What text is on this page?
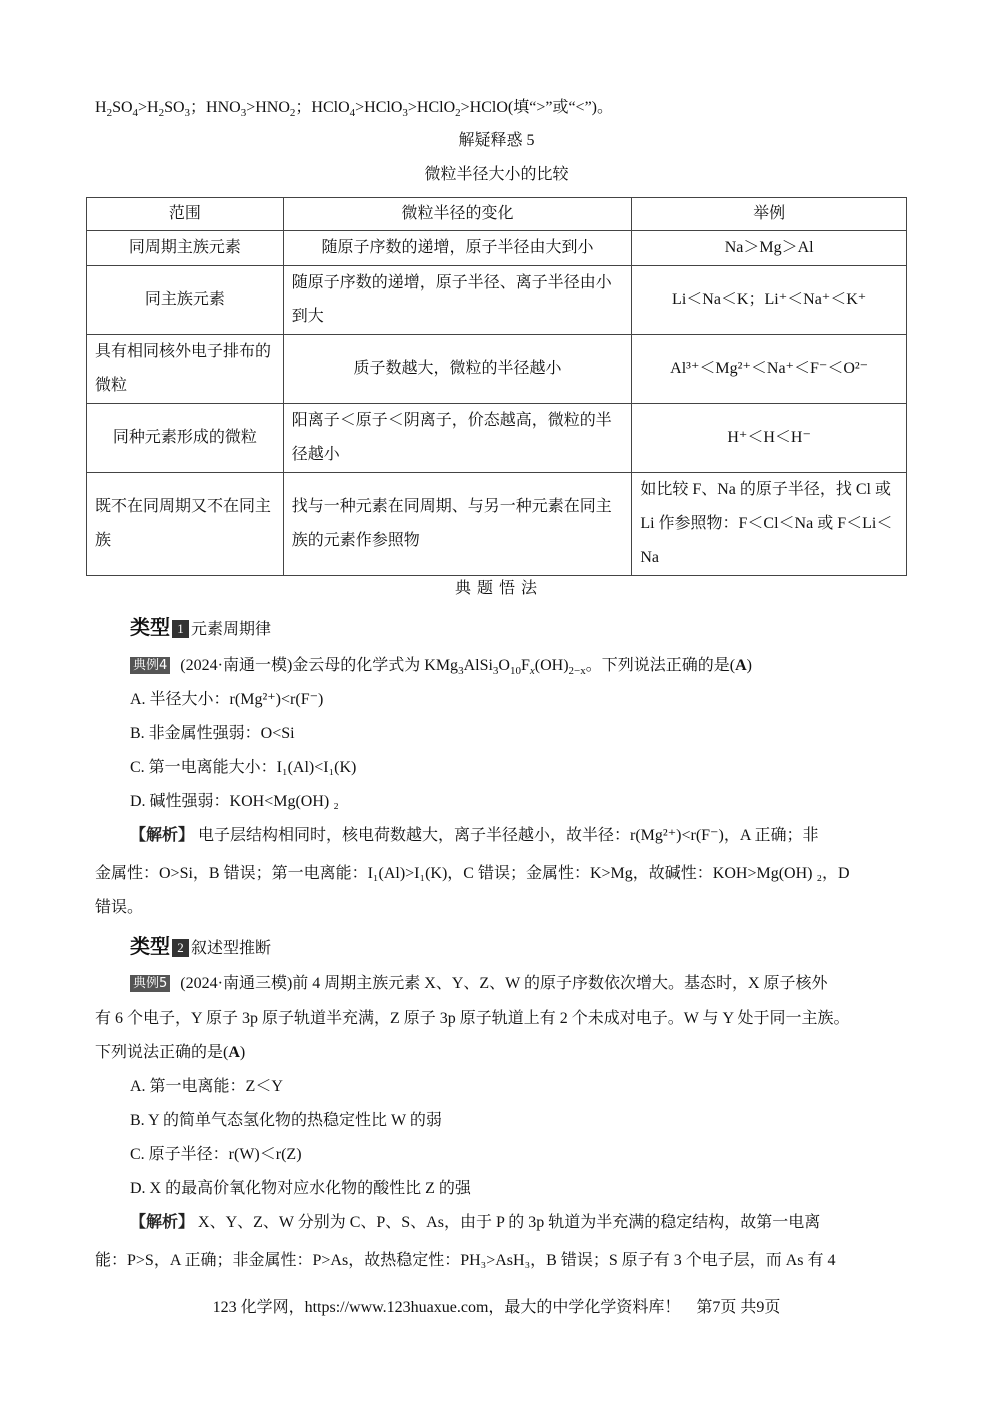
$H_2SO_4>H_2SO_3$；$HNO_3>HNO_2$；HClO$_4$>HClO$_3$>HClO$_2$>HClO(填“>”或“<”)。
解疑释惑 5
微粒半径大小的比较
范围	微粒半径的变化	举例
同周期主族元素	随原子序数的递增，原子半径由大到小	Na＞Mg＞Al
同主族元素	随原子序数的递增，原子半径、离子半径由小到大	Li＜Na＜K；Li⁺＜Na⁺＜K⁺
具有相同核外电子排布的微粒	质子数越大，微粒的半径越小	Al³⁺＜Mg²⁺＜Na⁺＜F⁻＜O²⁻
同种元素形成的微粒	阳离子＜原子＜阴离子，价态越高，微粒的半径越小	H⁺＜H＜H⁻
既不在同周期又不在同主族	找与一种元素在同周期、与另一种元素在同主族的元素作参照物	如比较 F、Na 的原子半径，找 Cl 或 Li 作参照物：F＜Cl＜Na 或 F＜Li＜Na
典 题 悟 法
类型 1 元素周期律
典例4 (2024·南通一模)金云母的化学式为 $KMg_3AlSi_3O_{10}F_x(OH)_{2-x}$。下列说法正确的是(A)
A. 半径大小：r(Mg²⁺)<r(F⁻)
B. 非金属性强弱：O<Si
C. 第一电离能大小：I₁(Al)<I₁(K)
D. 碱性强弱：KOH<Mg(OH) ₂
【解析】 电子层结构相同时，核电荷数越大，离子半径越小，故半径：r(Mg²⁺)<r(F⁻)，A 正确；非
金属性：O>Si，B 错误；第一电离能：I₁(Al)>I₁(K)，C 错误；金属性：K>Mg，故碱性：KOH>Mg(OH) ₂，D
错误。
类型 2 叙述型推断
典例5 (2024·南通三模)前 4 周期主族元素 X、Y、Z、W 的原子序数依次增大。基态时，X 原子核外
有 6 个电子，Y 原子 3p 原子轨道半充满，Z 原子 3p 原子轨道上有 2 个未成对电子。W 与 Y 处于同一主族。
下列说法正确的是(A)
A. 第一电离能：Z＜Y
B. Y 的简单气态氢化物的热稳定性比 W 的弱
C. 原子半径：r(W)＜r(Z)
D. X 的最高价氧化物对应水化物的酸性比 Z 的强
【解析】 X、Y、Z、W 分别为 C、P、S、As，由于 P 的 3p 轨道为半充满的稳定结构，故第一电离
能：P>S，A 正确；非金属性：P>As，故热稳定性：PH₃>AsH₃，B 错误；S 原子有 3 个电子层，而 As 有 4
123 化学网，https://www.123huaxue.com，最大的中学化学资料库！　第7页 共9页
